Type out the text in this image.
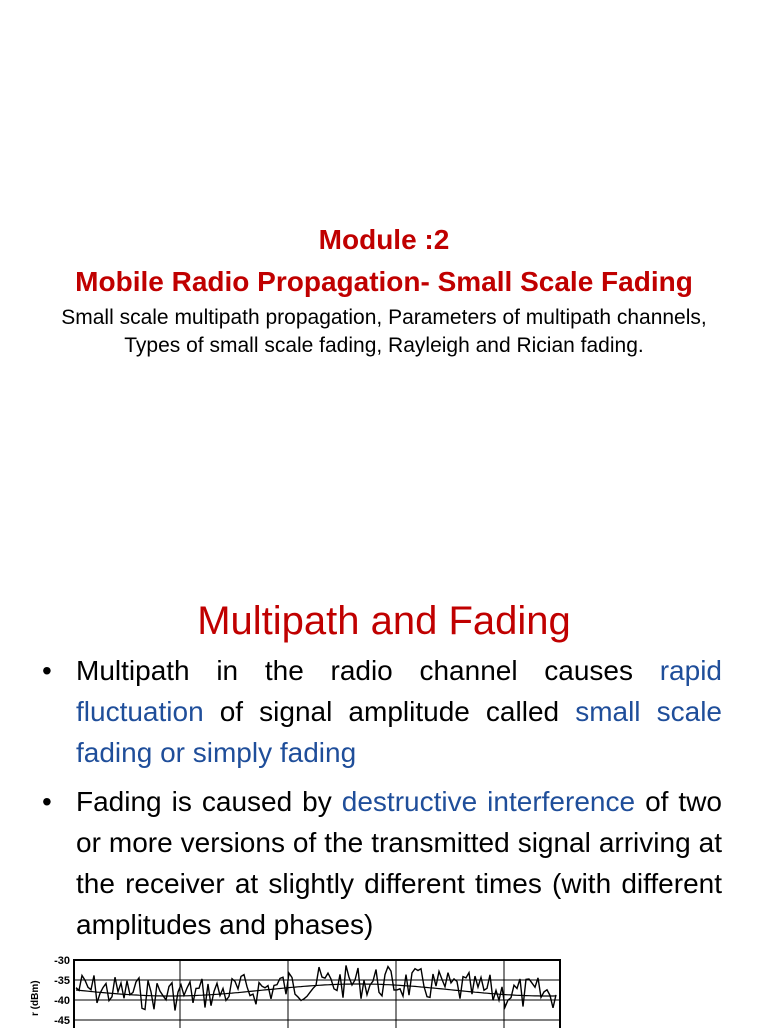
Module :2
Mobile Radio Propagation- Small Scale Fading
Small scale multipath propagation, Parameters of multipath channels, Types of small scale fading, Rayleigh and Rician fading.
Multipath and Fading
• Multipath in the radio channel causes rapid fluctuation of signal amplitude called small scale fading or simply fading
• Fading is caused by destructive interference of two or more versions of the transmitted signal arriving at the receiver at slightly different times (with different amplitudes and phases)
r (dBm)
-30
-35
-40
-45
